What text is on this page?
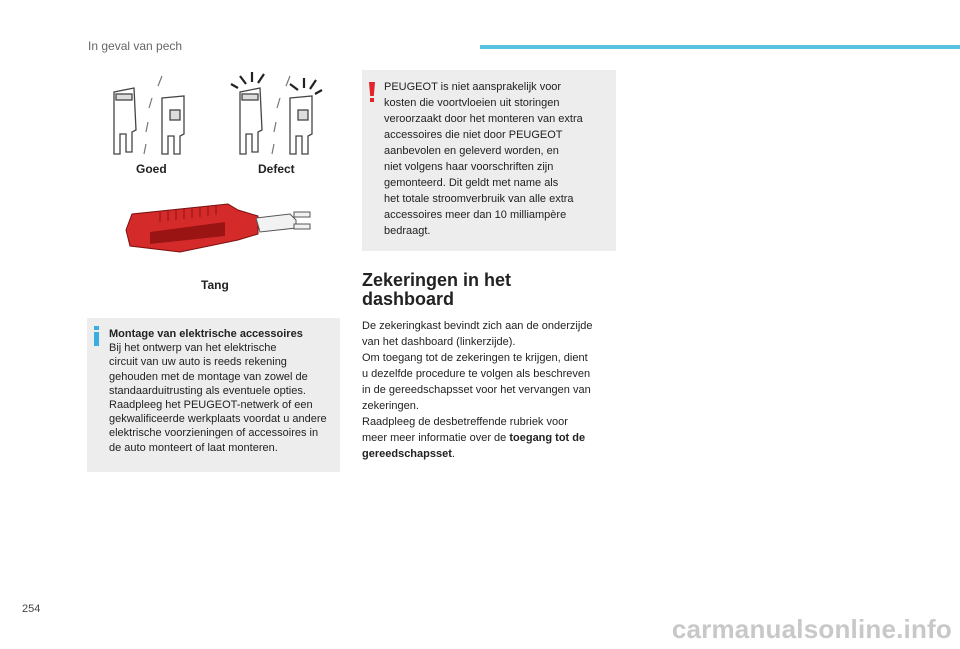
In geval van pech
Goed	Defect
Tang
Montage van elektrische accessoires
Bij het ontwerp van het elektrische
circuit van uw auto is reeds rekening
gehouden met de montage van zowel de
standaarduitrusting als eventuele opties.
Raadpleeg het PEUGEOT-netwerk of een
gekwalificeerde werkplaats voordat u andere
elektrische voorzieningen of accessoires in
de auto monteert of laat monteren.
PEUGEOT is niet aansprakelijk voor
kosten die voortvloeien uit storingen
veroorzaakt door het monteren van extra
accessoires die niet door PEUGEOT
aanbevolen en geleverd worden, en
niet volgens haar voorschriften zijn
gemonteerd. Dit geldt met name als
het totale stroomverbruik van alle extra
accessoires meer dan 10 milliampère
bedraagt.
Zekeringen in het
dashboard
De zekeringkast bevindt zich aan de onderzijde
van het dashboard (linkerzijde).
Om toegang tot de zekeringen te krijgen, dient
u dezelfde procedure te volgen als beschreven
in de gereedschapsset voor het vervangen van
zekeringen.
Raadpleeg de desbetreffende rubriek voor
meer meer informatie over de toegang tot de
gereedschapsset.
254
carmanualsonline.info
